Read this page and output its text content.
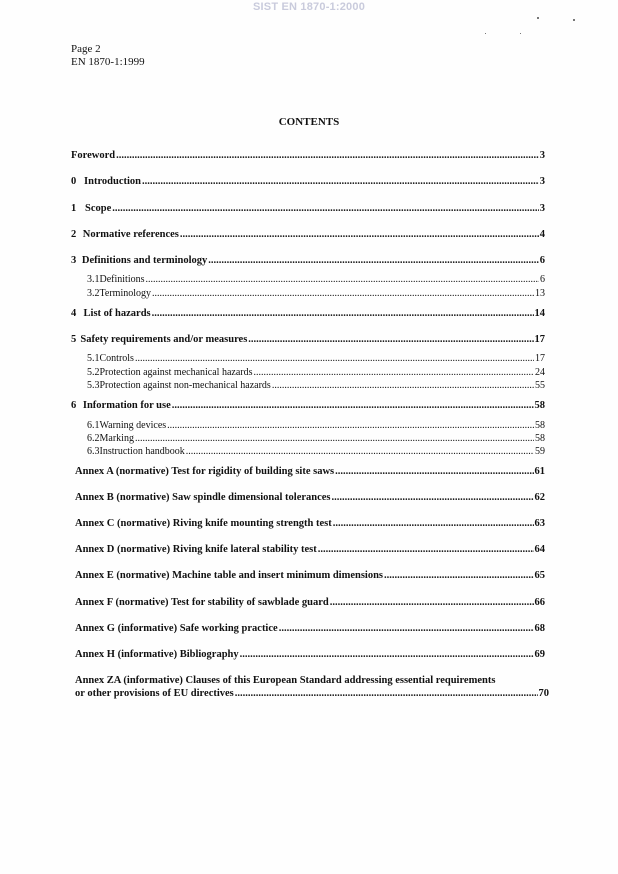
SIST EN 1870-1:2000
Page 2
EN 1870-1:1999
CONTENTS
Foreword .....	3
0 Introduction .....	3
1 Scope .....	3
2 Normative references .....	4
3 Definitions and terminology .....	6
3.1 Definitions .....	6
3.2 Terminology .....	13
4 List of hazards .....	14
5 Safety requirements and/or measures .....	17
5.1 Controls .....	17
5.2 Protection against mechanical hazards .....	24
5.3 Protection against non-mechanical hazards .....	55
6 Information for use .....	58
6.1 Warning devices .....	58
6.2 Marking .....	58
6.3 Instruction handbook .....	59
Annex A (normative) Test for rigidity of building site saws .....	61
Annex B (normative) Saw spindle dimensional tolerances .....	62
Annex C (normative) Riving knife mounting strength test .....	63
Annex D (normative) Riving knife lateral stability test .....	64
Annex E (normative) Machine table and insert minimum dimensions .....	65
Annex F (normative) Test for stability of sawblade guard .....	66
Annex G (informative) Safe working practice .....	68
Annex H (informative) Bibliography .....	69
Annex ZA (informative) Clauses of this European Standard addressing essential requirements
or other provisions of EU directives .....	70
